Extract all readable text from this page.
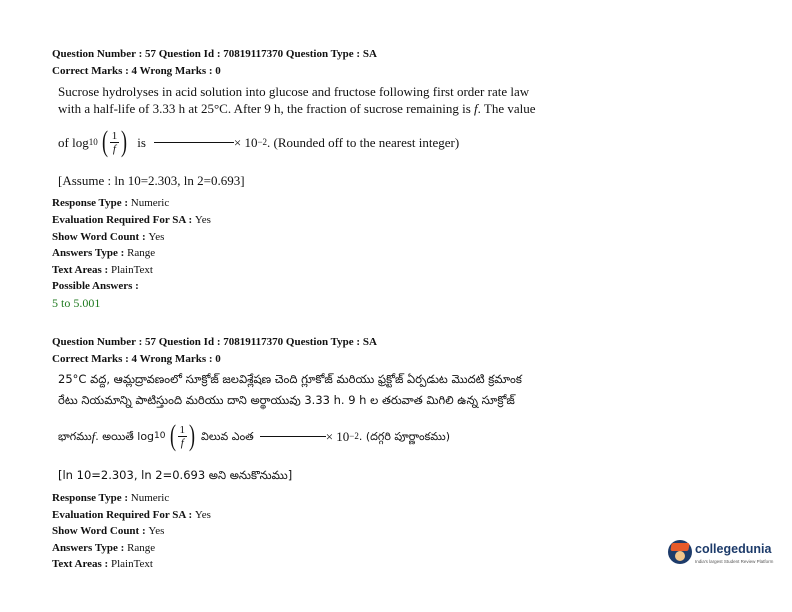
Question Number : 57 Question Id : 70819117370 Question Type : SA
Correct Marks : 4 Wrong Marks : 0
Sucrose hydrolyses in acid solution into glucose and fructose following first order rate law
with a half-life of 3.33 h at 25°C. After 9 h, the fraction of sucrose remaining is f. The value
of log 10 ( $\frac{1}{f}$ ) is	× 10 −2 . (Rounded off to the nearest integer)
[Assume : ln 10=2.303, ln 2=0.693]
Response Type : Numeric
Evaluation Required For SA : Yes
Show Word Count : Yes
Answers Type : Range
Text Areas : PlainText
Possible Answers :
5 to 5.001
Question Number : 57 Question Id : 70819117370 Question Type : SA
Correct Marks : 4 Wrong Marks : 0
25°C వద్ద, ఆమ్లద్రావణంలో సూక్రోజ్ జలవిశ్లేషణ చెంది గ్లూకోజ్ మరియు ఫ్రక్టోజ్ ఏర్పడుట మొదటి క్రమాంక
రేటు నియమాన్ని పాటిస్తుంది మరియు దాని అర్థాయువు 3.33 h. 9 h ల తరువాత మిగిలి ఉన్న సూక్రోజ్
భాగము f . అయితే log 10 ( $\frac{1}{f}$ ) విలువ ఎంత	× 10 −2 . (దగ్గరి పూర్ణాంకము)
[ln 10=2.303, ln 2=0.693 అని అనుకొనుము]
Response Type : Numeric
Evaluation Required For SA : Yes
Show Word Count : Yes
Answers Type : Range
Text Areas : PlainText
collegedunia
India's largest Student Review Platform
